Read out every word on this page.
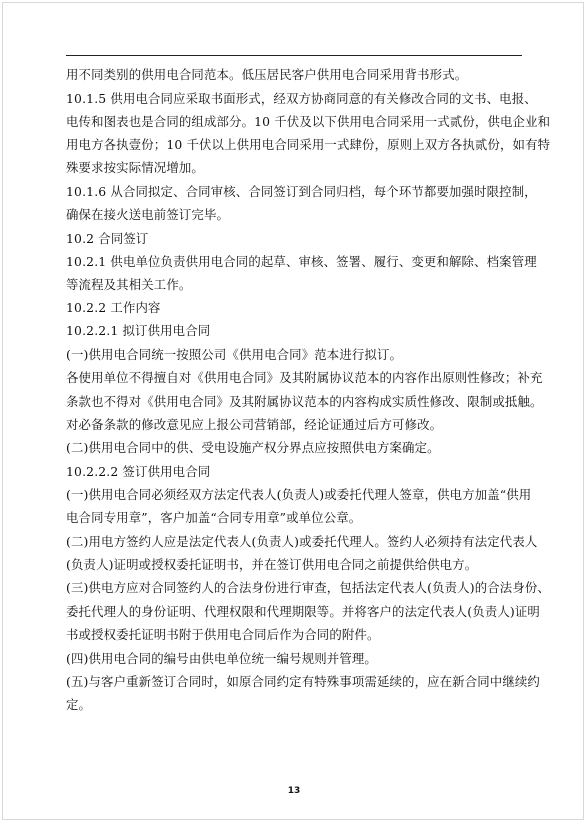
用不同类别的供用电合同范本。低压居民客户供用电合同采用背书形式。
10.1.5 供用电合同应采取书面形式，经双方协商同意的有关修改合同的文书、电报、
电传和图表也是合同的组成部分。10 千伏及以下供用电合同采用一式贰份，供电企业和
用电方各执壹份；10 千伏以上供用电合同采用一式肆份，原则上双方各执贰份，如有特
殊要求按实际情况增加。
10.1.6 从合同拟定、合同审核、合同签订到合同归档，每个环节都要加强时限控制，
确保在接火送电前签订完毕。
10.2 合同签订
10.2.1 供电单位负责供用电合同的起草、审核、签署、履行、变更和解除、档案管理
等流程及其相关工作。
10.2.2 工作内容
10.2.2.1 拟订供用电合同
(一)供用电合同统一按照公司《供用电合同》范本进行拟订。
各使用单位不得擅自对《供用电合同》及其附属协议范本的内容作出原则性修改；补充
条款也不得对《供用电合同》及其附属协议范本的内容构成实质性修改、限制或抵触。
对必备条款的修改意见应上报公司营销部，经论证通过后方可修改。
(二)供用电合同中的供、受电设施产权分界点应按照供电方案确定。
10.2.2.2 签订供用电合同
(一)供用电合同必须经双方法定代表人(负责人)或委托代理人签章，供电方加盖“供用
电合同专用章”，客户加盖“合同专用章”或单位公章。
(二)用电方签约人应是法定代表人(负责人)或委托代理人。签约人必须持有法定代表人
(负责人)证明或授权委托证明书，并在签订供用电合同之前提供给供电方。
(三)供电方应对合同签约人的合法身份进行审查，包括法定代表人(负责人)的合法身份、
委托代理人的身份证明、代理权限和代理期限等。并将客户的法定代表人(负责人)证明
书或授权委托证明书附于供用电合同后作为合同的附件。
(四)供用电合同的编号由供电单位统一编号规则并管理。
(五)与客户重新签订合同时，如原合同约定有特殊事项需延续的，应在新合同中继续约
定。
13
